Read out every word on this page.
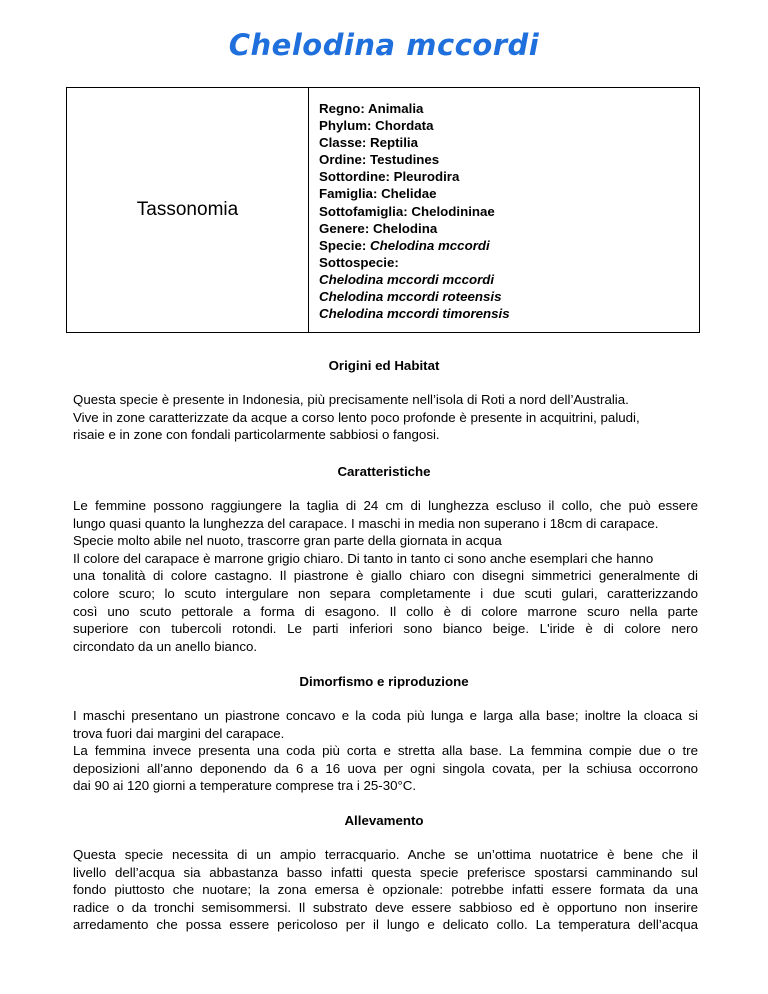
Chelodina mccordi
Tassonomia
Regno: Animalia
Phylum: Chordata
Classe: Reptilia
Ordine: Testudines
Sottordine: Pleurodira
Famiglia: Chelidae
Sottofamiglia: Chelodininae
Genere: Chelodina
Specie: Chelodina mccordi
Sottospecie:
Chelodina mccordi mccordi
Chelodina mccordi roteensis
Chelodina mccordi timorensis
Origini ed Habitat
Questa specie è presente in Indonesia, più precisamente nell’isola di Roti a nord dell’Australia.
Vive in zone caratterizzate da acque a corso lento poco profonde è presente in acquitrini, paludi,
risaie e in zone con fondali particolarmente sabbiosi o fangosi.
Caratteristiche
Le femmine possono raggiungere la taglia di 24 cm di lunghezza escluso il collo, che può essere
lungo quasi quanto la lunghezza del carapace. I maschi in media non superano i 18cm di carapace.
Specie molto abile nel nuoto, trascorre gran parte della giornata in acqua
Il colore del carapace è marrone grigio chiaro. Di tanto in tanto ci sono anche esemplari che hanno
una tonalità di colore castagno. Il piastrone è giallo chiaro con disegni simmetrici generalmente di
colore scuro; lo scuto intergulare non separa completamente i due scuti gulari, caratterizzando
così uno scuto pettorale a forma di esagono. Il collo è di colore marrone scuro nella parte
superiore con tubercoli rotondi. Le parti inferiori sono bianco beige. L'iride è di colore nero
circondato da un anello bianco.
Dimorfismo e riproduzione
I maschi presentano un piastrone concavo e la coda più lunga e larga alla base; inoltre la cloaca si
trova fuori dai margini del carapace.
La femmina invece presenta una coda più corta e stretta alla base. La femmina compie due o tre
deposizioni all’anno deponendo da 6 a 16 uova per ogni singola covata, per la schiusa occorrono
dai 90 ai 120 giorni a temperature comprese tra i 25-30°C.
Allevamento
Questa specie necessita di un ampio terracquario. Anche se un’ottima nuotatrice è bene che il
livello dell’acqua sia abbastanza basso infatti questa specie preferisce spostarsi camminando sul
fondo piuttosto che nuotare; la zona emersa è opzionale: potrebbe infatti essere formata da una
radice o da tronchi semisommersi. Il substrato deve essere sabbioso ed è opportuno non inserire
arredamento che possa essere pericoloso per il lungo e delicato collo. La temperatura dell’acqua
